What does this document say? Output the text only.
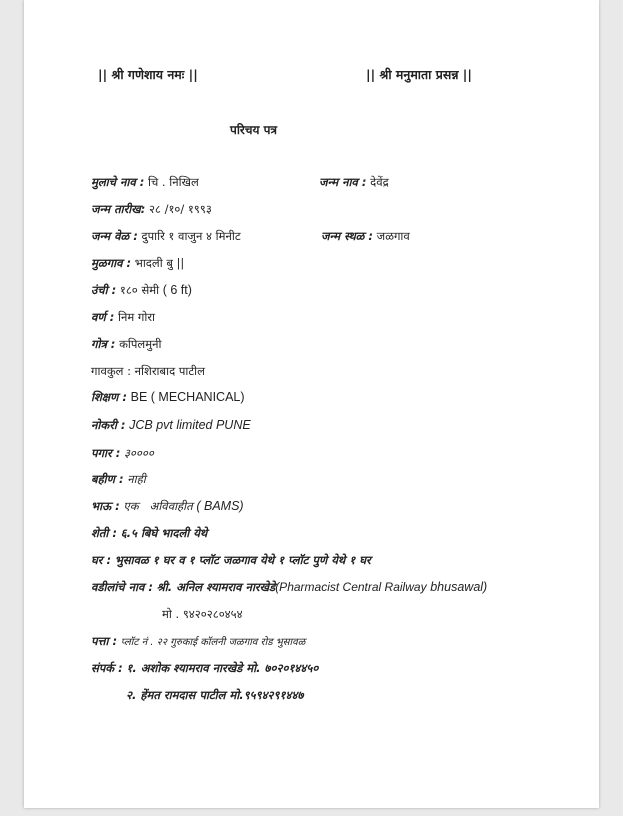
|| श्री गणेशाय नमः ||	|| श्री मनुमाता प्रसन्न ||
परिचय पत्र
मुलाचे नाव : चि . निखिल	जन्म नाव : देवेंद्र
जन्म तारीख: २८ /१०/ १९९३
जन्म वेळ : दुपारि १ वाजुन ४ मिनीट	जन्म स्थळ : जळगाव
मुळगाव : भादली बु ||
उंची : १८० सेमी ( 6 ft)
वर्ण : निम गोरा
गोत्र : कपिलमुनी
गावकुल : नशिराबाद पाटील
शिक्षण : BE ( MECHANICAL)
नोकरी : JCB pvt limited PUNE
पगार : ३००००
बहीण : नाही
भाऊ : एक अविवाहीत ( BAMS)
शेती : ६.५ बिघे भादली येथे
घर : भुसावळ १ घर व १ प्लॉट जळगाव येथे १ प्लॉट पुणे येथे १ घर
वडीलांचे नाव : श्री. अनिल श्यामराव नारखेडे(Pharmacist Central Railway bhusawal)
मो . ९४२०२८०४५४
पत्ता : प्लॉट नं . २२ गुरुकाई कॉलनी जळगाव रोड भुसावळ
संपर्क : १. अशोक श्यामराव नारखेडे मो. ७०२०१४४५०
२. हेंमत रामदास पाटील मो.९५९४२९१४४७
